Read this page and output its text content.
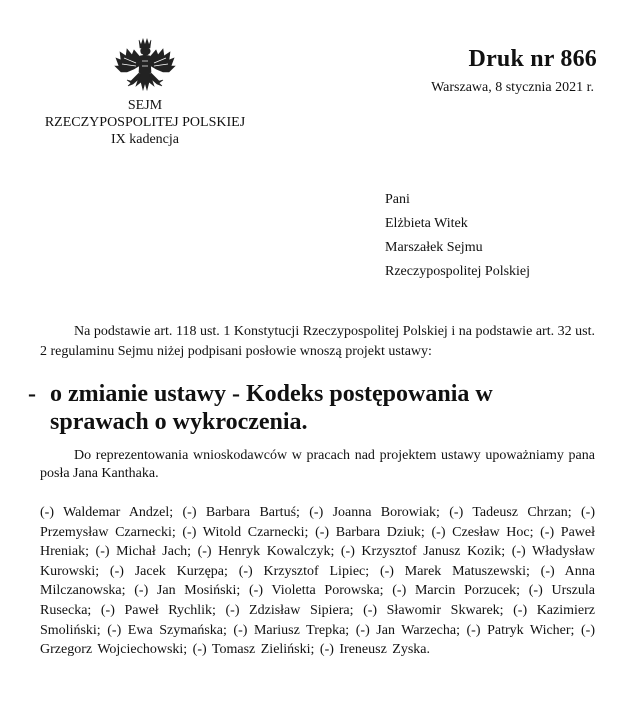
SEJM
RZECZYPOSPOLITEJ POLSKIEJ
IX kadencja
Druk nr 866
Warszawa, 8 stycznia 2021 r.
Pani
Elżbieta Witek
Marszałek Sejmu
Rzeczypospolitej Polskiej
Na podstawie art. 118 ust. 1 Konstytucji Rzeczypospolitej Polskiej i na podstawie art. 32 ust. 2 regulaminu Sejmu niżej podpisani posłowie wnoszą projekt ustawy:
- o zmianie ustawy - Kodeks postępowania w
sprawach o wykroczenia.
Do reprezentowania wnioskodawców w pracach nad projektem ustawy upoważniamy pana posła Jana Kanthaka.
(-) Waldemar Andzel; (-) Barbara Bartuś; (-) Joanna Borowiak; (-) Tadeusz Chrzan; (-) Przemysław Czarnecki; (-) Witold Czarnecki; (-) Barbara Dziuk; (-) Czesław Hoc; (-) Paweł Hreniak; (-) Michał Jach; (-) Henryk Kowalczyk; (-) Krzysztof Janusz Kozik; (-) Władysław Kurowski; (-) Jacek Kurzępa; (-) Krzysztof Lipiec; (-) Marek Matuszewski; (-) Anna Milczanowska; (-) Jan Mosiński; (-) Violetta Porowska; (-) Marcin Porzucek; (-) Urszula Rusecka; (-) Paweł Rychlik; (-) Zdzisław Sipiera; (-) Sławomir Skwarek; (-) Kazimierz Smoliński; (-) Ewa Szymańska; (-) Mariusz Trepka; (-) Jan Warzecha; (-) Patryk Wicher; (-) Grzegorz Wojciechowski; (-) Tomasz Zieliński; (-) Ireneusz Zyska.
